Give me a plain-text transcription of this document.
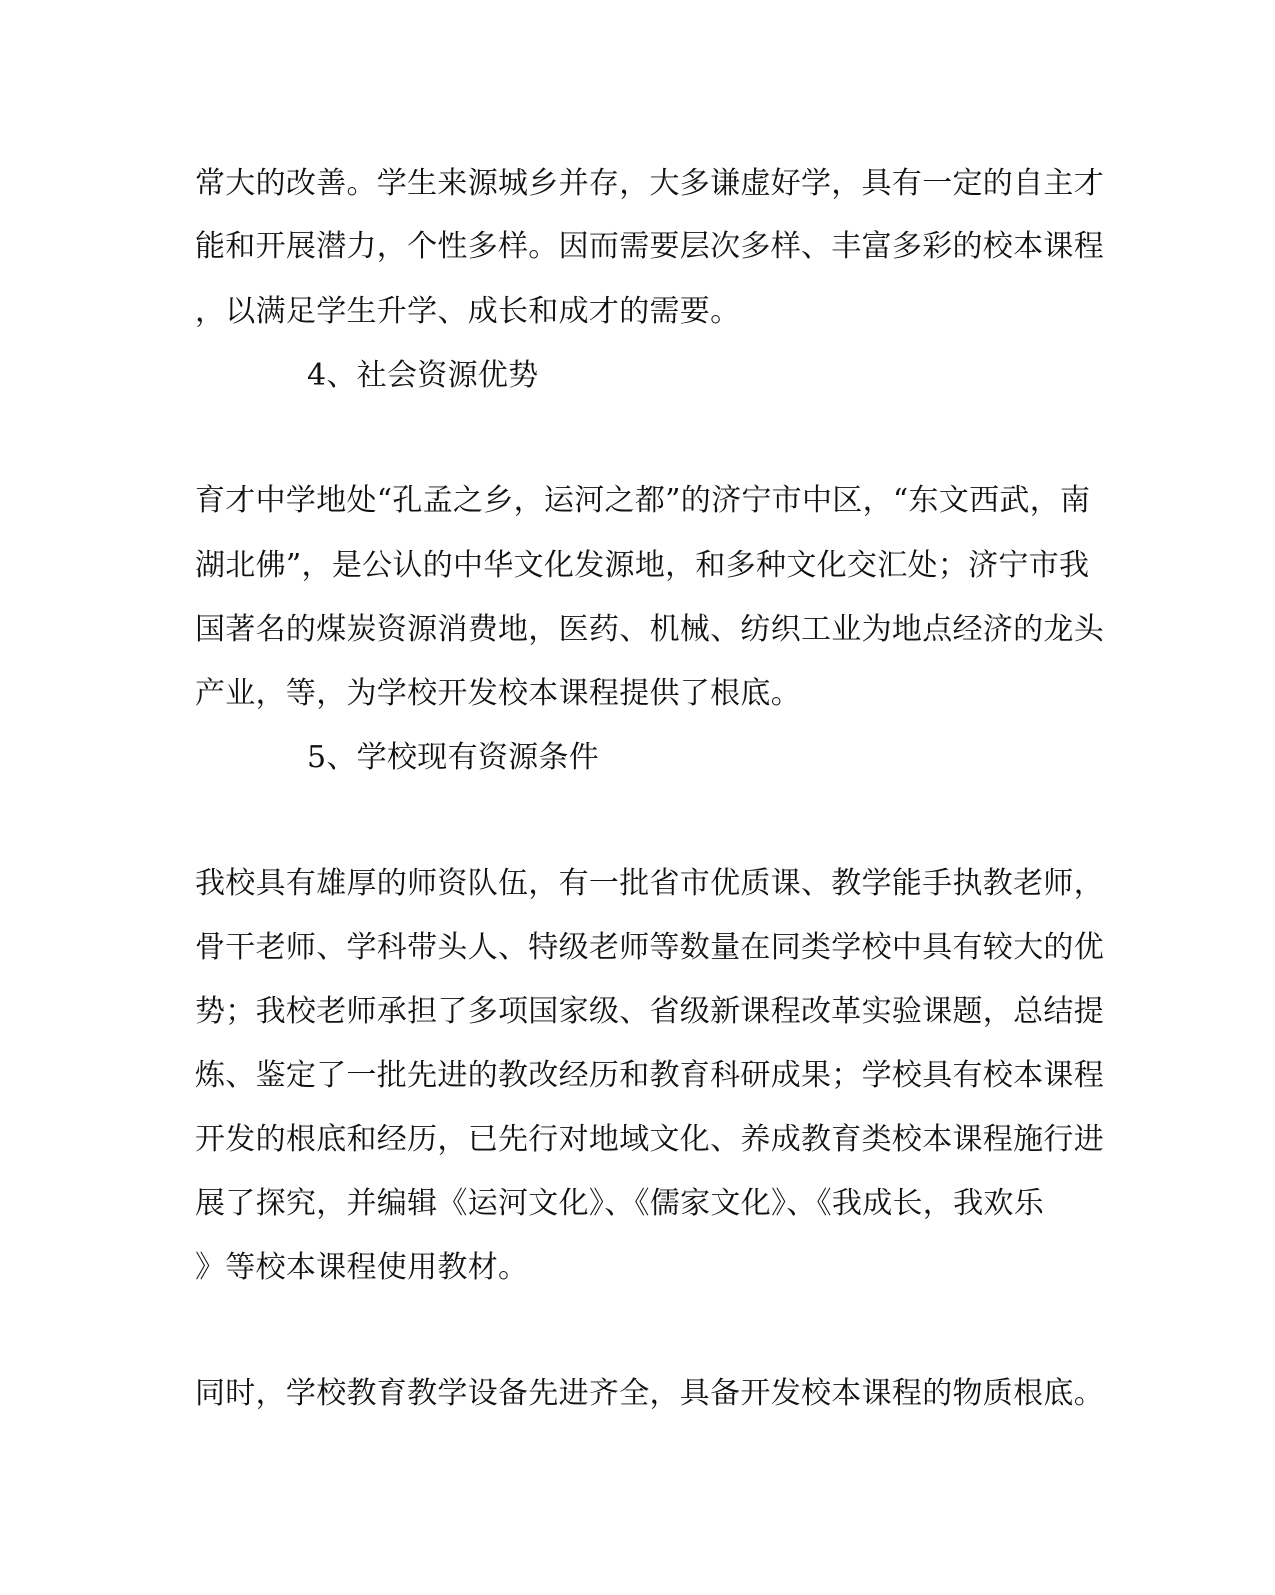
常大的改善。学生来源城乡并存，大多谦虚好学，具有一定的自主才
能和开展潜力，个性多样。因而需要层次多样、丰富多彩的校本课程
，以满足学生升学、成长和成才的需要。
4、社会资源优势
育才中学地处“孔孟之乡，运河之都”的济宁市中区，“东文西武，南
湖北佛”，是公认的中华文化发源地，和多种文化交汇处；济宁市我
国著名的煤炭资源消费地，医药、机械、纺织工业为地点经济的龙头
产业，等，为学校开发校本课程提供了根底。
5、学校现有资源条件
我校具有雄厚的师资队伍，有一批省市优质课、教学能手执教老师，
骨干老师、学科带头人、特级老师等数量在同类学校中具有较大的优
势；我校老师承担了多项国家级、省级新课程改革实验课题，总结提
炼、鉴定了一批先进的教改经历和教育科研成果；学校具有校本课程
开发的根底和经历，已先行对地域文化、养成教育类校本课程施行进
展了探究，并编辑《运河文化》、《儒家文化》、《我成长，我欢乐
》等校本课程使用教材。
同时，学校教育教学设备先进齐全，具备开发校本课程的物质根底。
